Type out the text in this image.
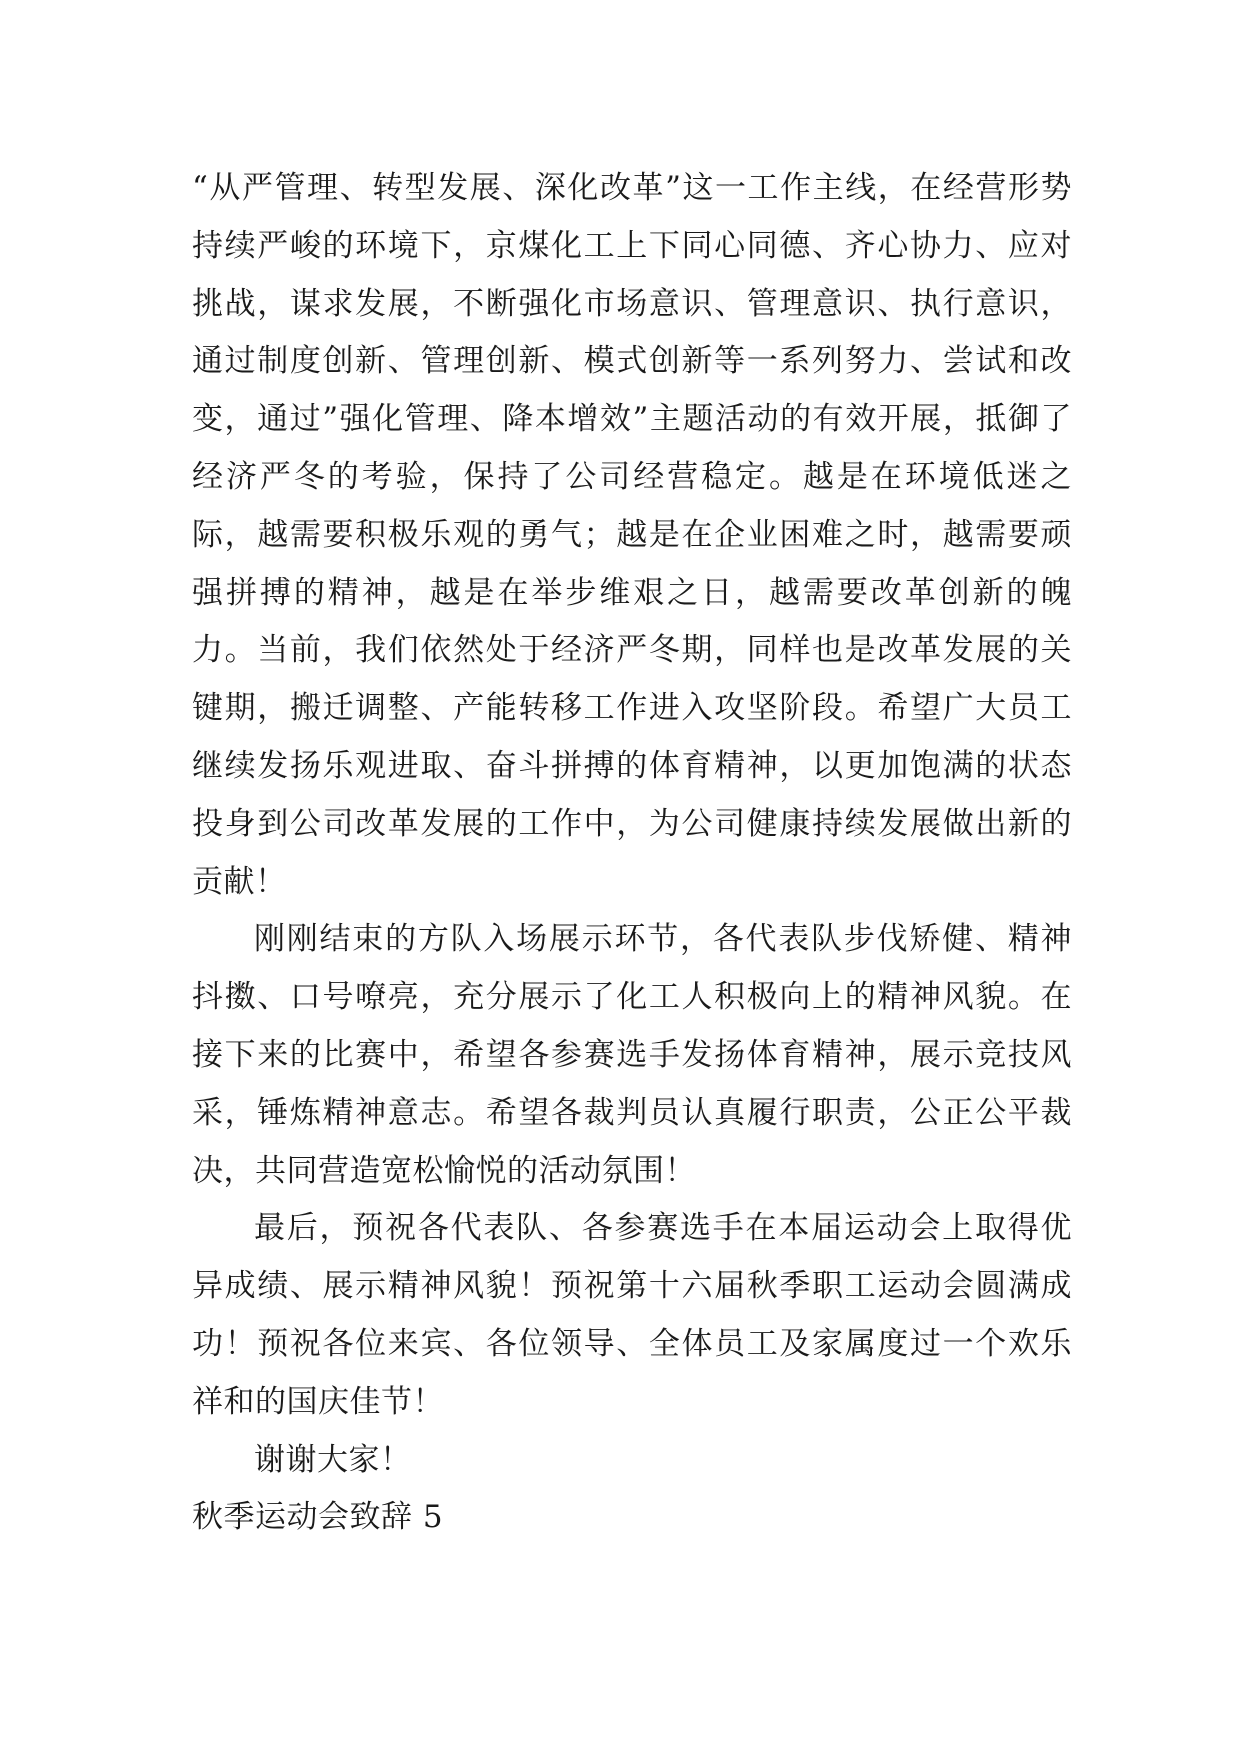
“从严管理、转型发展、深化改革”这一工作主线，在经营形势持续严峻的环境下，京煤化工上下同心同德、齐心协力、应对挑战，谋求发展，不断强化市场意识、管理意识、执行意识，通过制度创新、管理创新、模式创新等一系列努力、尝试和改变，通过”强化管理、降本增效”主题活动的有效开展，抵御了经济严冬的考验，保持了公司经营稳定。越是在环境低迷之际，越需要积极乐观的勇气；越是在企业困难之时，越需要顽强拼搏的精神，越是在举步维艰之日，越需要改革创新的魄力。当前，我们依然处于经济严冬期，同样也是改革发展的关键期，搬迁调整、产能转移工作进入攻坚阶段。希望广大员工继续发扬乐观进取、奋斗拼搏的体育精神，以更加饱满的状态投身到公司改革发展的工作中，为公司健康持续发展做出新的贡献！

刚刚结束的方队入场展示环节，各代表队步伐矫健、精神抖擞、口号嘹亮，充分展示了化工人积极向上的精神风貌。在接下来的比赛中，希望各参赛选手发扬体育精神，展示竞技风采，锤炼精神意志。希望各裁判员认真履行职责，公正公平裁决，共同营造宽松愉悦的活动氛围！

最后，预祝各代表队、各参赛选手在本届运动会上取得优异成绩、展示精神风貌！预祝第十六届秋季职工运动会圆满成功！预祝各位来宾、各位领导、全体员工及家属度过一个欢乐祥和的国庆佳节！

谢谢大家！

秋季运动会致辞 5
